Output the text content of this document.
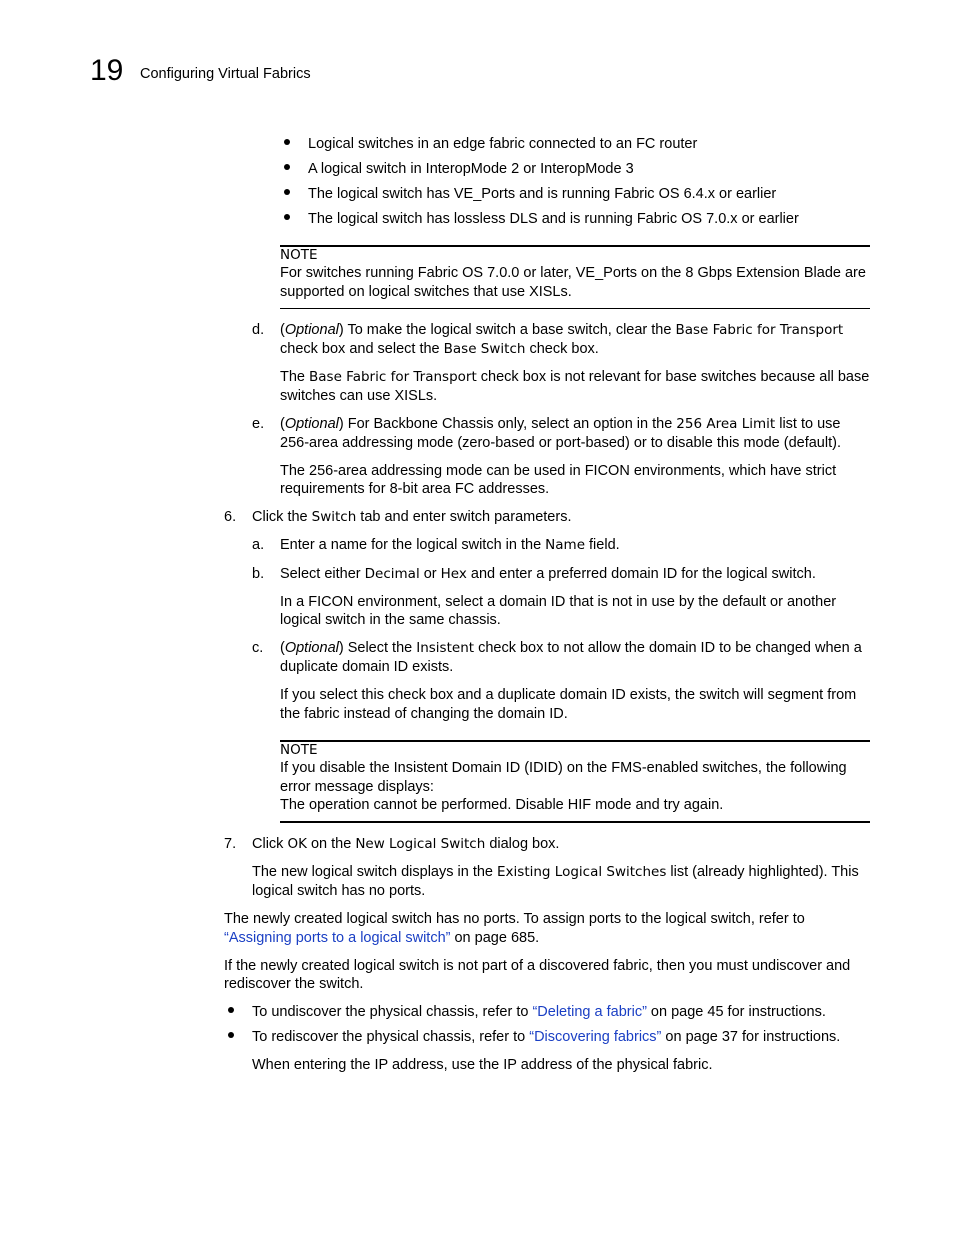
19 Configuring Virtual Fabrics
Logical switches in an edge fabric connected to an FC router
A logical switch in InteropMode 2 or InteropMode 3
The logical switch has VE_Ports and is running Fabric OS 6.4.x or earlier
The logical switch has lossless DLS and is running Fabric OS 7.0.x or earlier
NOTE
For switches running Fabric OS 7.0.0 or later, VE_Ports on the 8 Gbps Extension Blade are supported on logical switches that use XISLs.
d. (Optional) To make the logical switch a base switch, clear the Base Fabric for Transport
check box and select the Base Switch check box.
The Base Fabric for Transport check box is not relevant for base switches because all base
switches can use XISLs.
e. (Optional) For Backbone Chassis only, select an option in the 256 Area Limit list to use
256-area addressing mode (zero-based or port-based) or to disable this mode (default).
The 256-area addressing mode can be used in FICON environments, which have strict
requirements for 8-bit area FC addresses.
6. Click the Switch tab and enter switch parameters.
a. Enter a name for the logical switch in the Name field.
b. Select either Decimal or Hex and enter a preferred domain ID for the logical switch.
In a FICON environment, select a domain ID that is not in use by the default or another
logical switch in the same chassis.
c. (Optional) Select the Insistent check box to not allow the domain ID to be changed when a
duplicate domain ID exists.
If you select this check box and a duplicate domain ID exists, the switch will segment from
the fabric instead of changing the domain ID.
NOTE
If you disable the Insistent Domain ID (IDID) on the FMS-enabled switches, the following
error message displays:
The operation cannot be performed. Disable HIF mode and try again.
7. Click OK on the New Logical Switch dialog box.
The new logical switch displays in the Existing Logical Switches list (already highlighted). This
logical switch has no ports.
The newly created logical switch has no ports. To assign ports to the logical switch, refer to
“Assigning ports to a logical switch” on page 685.
If the newly created logical switch is not part of a discovered fabric, then you must undiscover and
rediscover the switch.
To undiscover the physical chassis, refer to “Deleting a fabric” on page 45 for instructions.
To rediscover the physical chassis, refer to “Discovering fabrics” on page 37 for instructions.
When entering the IP address, use the IP address of the physical fabric.
